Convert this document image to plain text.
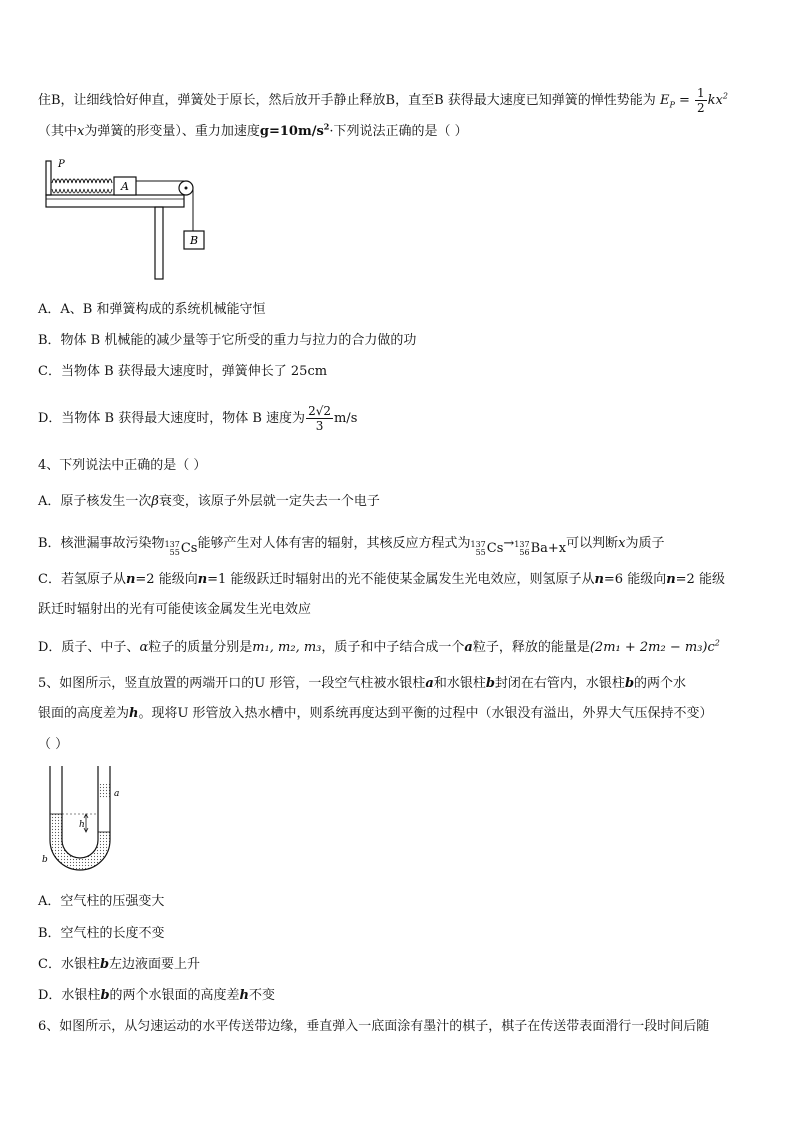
住B，让细线恰好伸直，弹簧处于原长，然后放开手静止释放B，直至B 获得最大速度已知弹簧的惮性势能为 $E_P = \frac{1}{2} kx^2$
（其中x为弹簧的形变量）、重力加速度$g=10m/s^2\cdot$下列说法正确的是（ ）
A
B
P
A．A、B 和弹簧构成的系统机械能守恒
B．物体 B 机械能的减少量等于它所受的重力与拉力的合力做的功
C．当物体 B 获得最大速度时，弹簧伸长了 25cm
D．当物体 B 获得最大速度时，物体 B 速度为 $\frac{2√2}{3} m/s$
4、下列说法中正确的是（ ）
A．原子核发生一次β衰变，该原子外层就一定失去一个电子
B．核泄漏事故污染物 137
55 Cs 能够产生对人体有害的辐射，其核反应方程式为 137
55 Cs → 137
56 Ba+x 可以判断x为质子
C．若氢原子从n=2 能级向n=1 能级跃迁时辐射出的光不能使某金属发生光电效应，则氢原子从n=6 能级向n=2 能级
跃迁时辐射出的光有可能使该金属发生光电效应
D．质子、中子、α粒子的质量分别是m₁, m₂, m₃，质子和中子结合成一个a粒子，释放的能量是$(2m_1 + 2m_2 - m_3)c^2$
5、如图所示，竖直放置的两端开口的U 形管，一段空气柱被水银柱a和水银柱b封闭在右管内，水银柱b的两个水
银面的高度差为h。现将U 形管放入热水槽中，则系统再度达到平衡的过程中（水银没有溢出，外界大气压保持不变）
（ ）
h
a
b
A．空气柱的压强变大
B．空气柱的长度不变
C．水银柱b左边液面要上升
D．水银柱b的两个水银面的高度差h不变
6、如图所示，从匀速运动的水平传送带边缘，垂直弹入一底面涂有墨汁的棋子，棋子在传送带表面滑行一段时间后随
